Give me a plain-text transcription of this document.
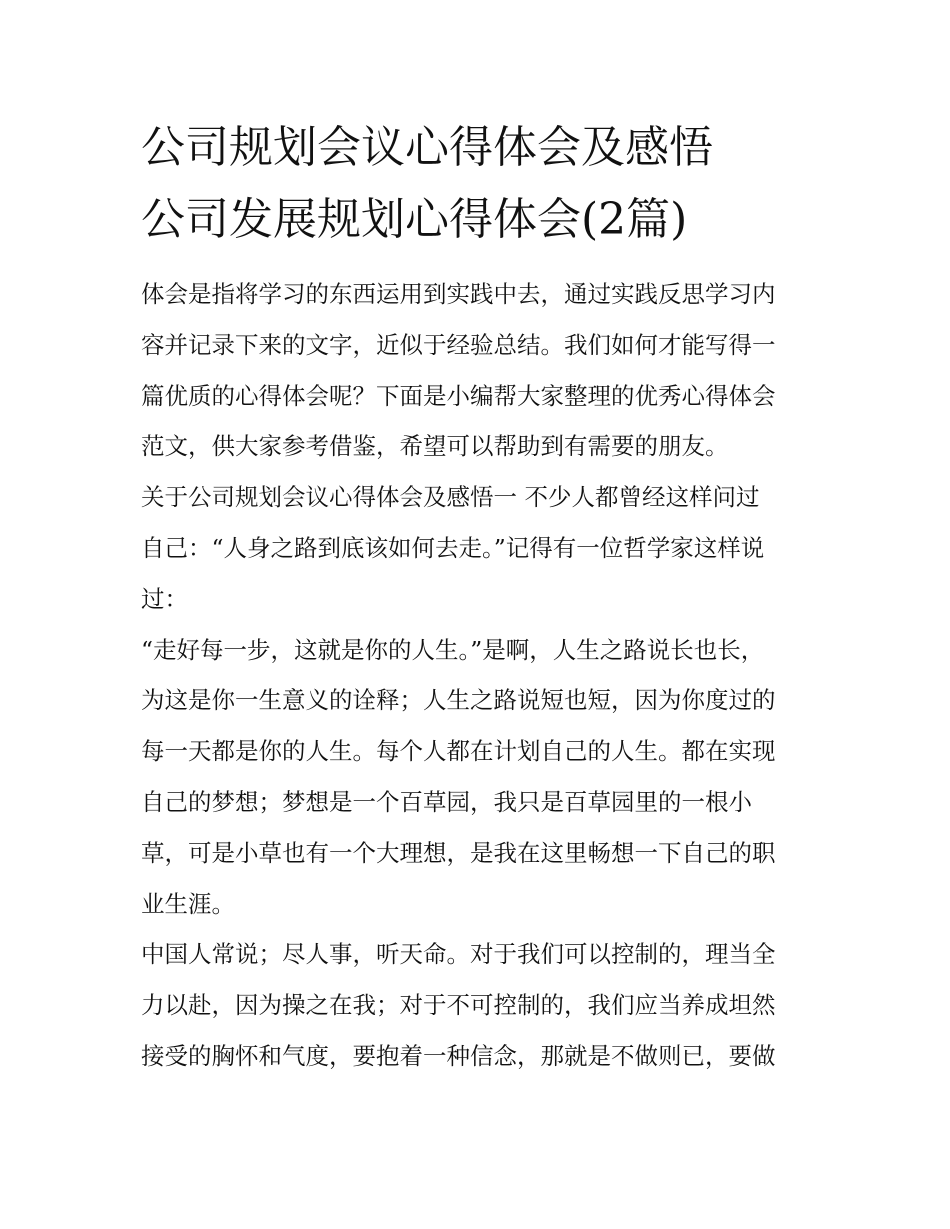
公司规划会议心得体会及感悟
公司发展规划心得体会(2篇)

体会是指将学习的东西运用到实践中去，通过实践反思学习内
容并记录下来的文字，近似于经验总结。我们如何才能写得一
篇优质的心得体会呢？下面是小编帮大家整理的优秀心得体会
范文，供大家参考借鉴，希望可以帮助到有需要的朋友。

关于公司规划会议心得体会及感悟一 不少人都曾经这样问过
自己：“人身之路到底该如何去走。”记得有一位哲学家这样说
过：

“走好每一步，这就是你的人生。”是啊，人生之路说长也长，
为这是你一生意义的诠释；人生之路说短也短，因为你度过的
每一天都是你的人生。每个人都在计划自己的人生。都在实现
自己的梦想；梦想是一个百草园，我只是百草园里的一根小
草，可是小草也有一个大理想，是我在这里畅想一下自己的职
业生涯。

中国人常说；尽人事，听天命。对于我们可以控制的，理当全
力以赴，因为操之在我；对于不可控制的，我们应当养成坦然
接受的胸怀和气度，要抱着一种信念，那就是不做则已，要做
